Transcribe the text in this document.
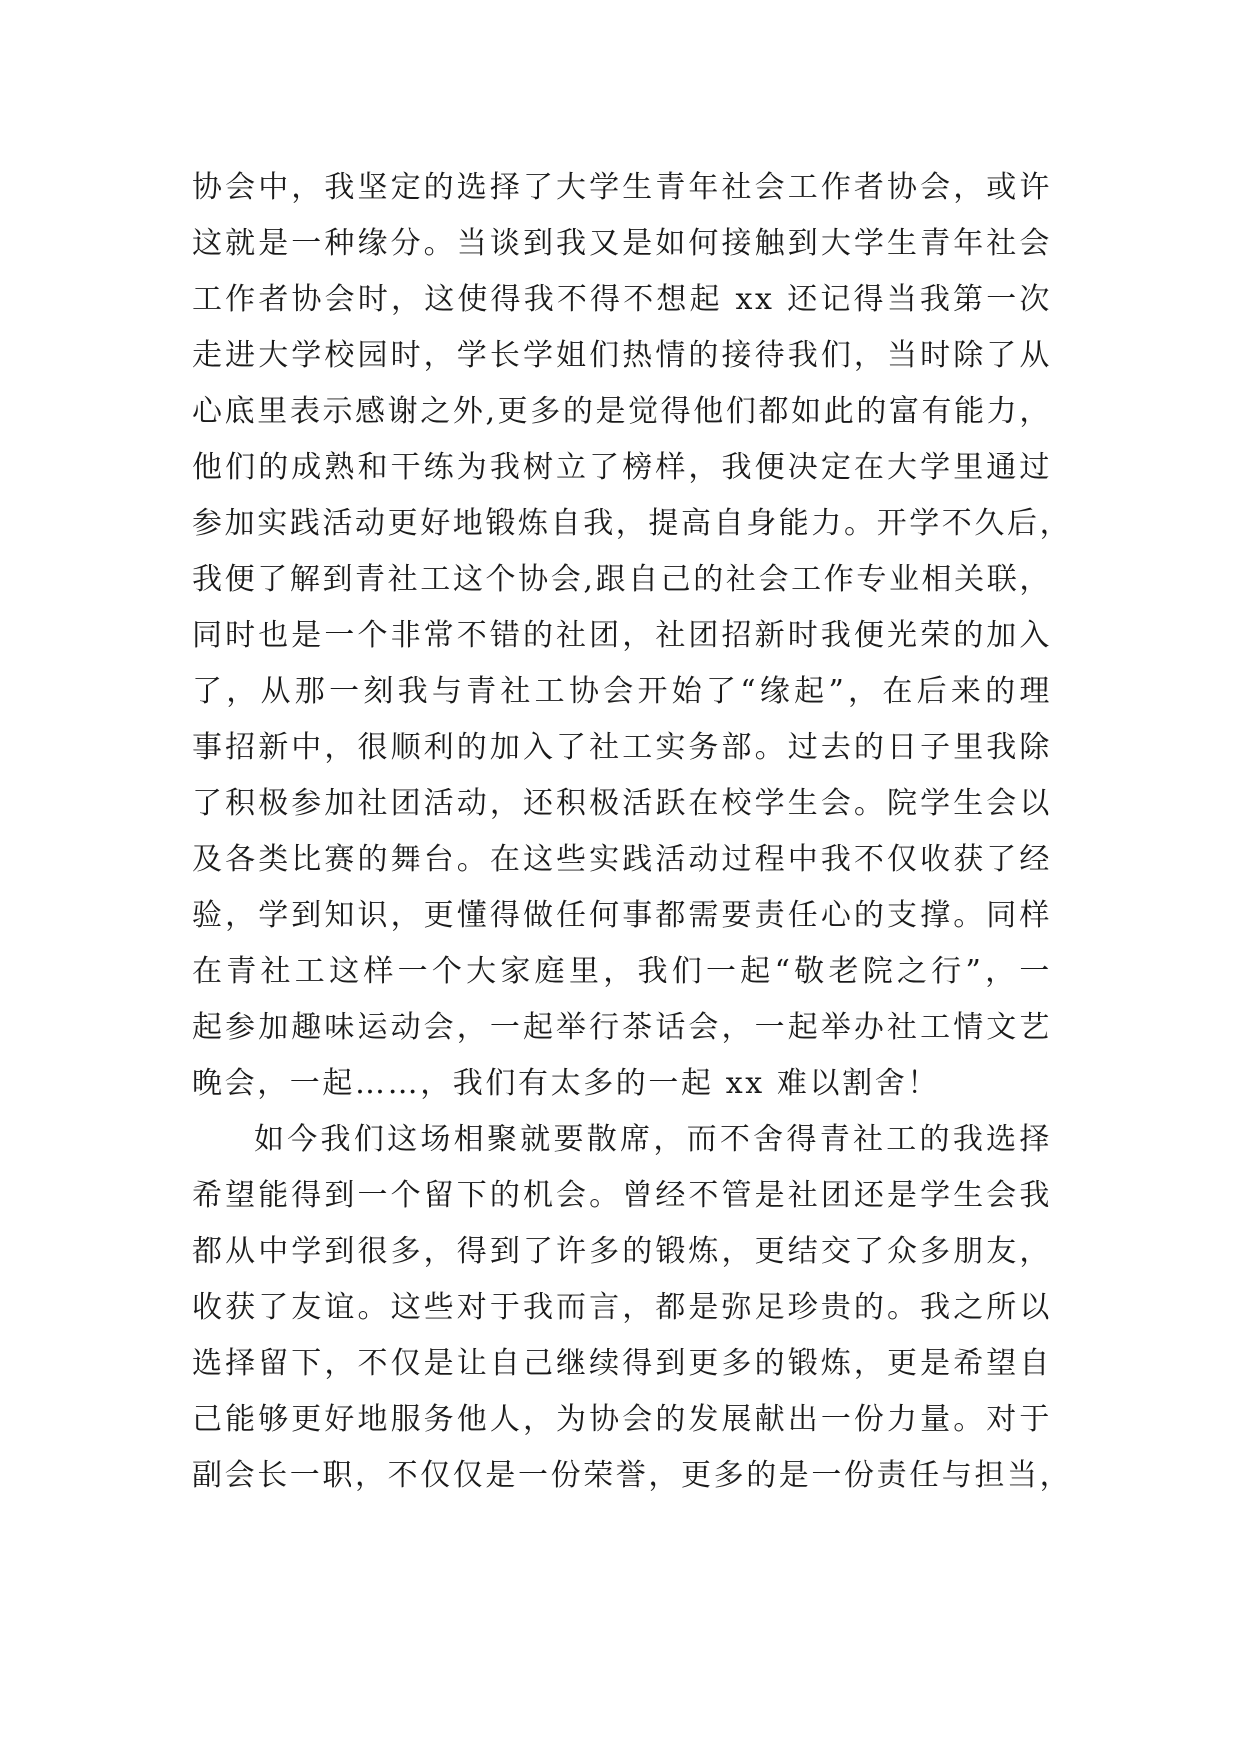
协会中，我坚定的选择了大学生青年社会工作者协会，或许
这就是一种缘分。当谈到我又是如何接触到大学生青年社会
工作者协会时，这使得我不得不想起 xx 还记得当我第一次
走进大学校园时，学长学姐们热情的接待我们，当时除了从
心底里表示感谢之外,更多的是觉得他们都如此的富有能力，
他们的成熟和干练为我树立了榜样，我便决定在大学里通过
参加实践活动更好地锻炼自我，提高自身能力。开学不久后，
我便了解到青社工这个协会,跟自己的社会工作专业相关联，
同时也是一个非常不错的社团，社团招新时我便光荣的加入
了，从那一刻我与青社工协会开始了“缘起”，在后来的理
事招新中，很顺利的加入了社工实务部。过去的日子里我除
了积极参加社团活动，还积极活跃在校学生会。院学生会以
及各类比赛的舞台。在这些实践活动过程中我不仅收获了经
验，学到知识，更懂得做任何事都需要责任心的支撑。同样
在青社工这样一个大家庭里，我们一起“敬老院之行”，一
起参加趣味运动会，一起举行茶话会，一起举办社工情文艺
晚会，一起……，我们有太多的一起 xx 难以割舍！
如今我们这场相聚就要散席，而不舍得青社工的我选择
希望能得到一个留下的机会。曾经不管是社团还是学生会我
都从中学到很多，得到了许多的锻炼，更结交了众多朋友，
收获了友谊。这些对于我而言，都是弥足珍贵的。我之所以
选择留下，不仅是让自己继续得到更多的锻炼，更是希望自
己能够更好地服务他人，为协会的发展献出一份力量。对于
副会长一职，不仅仅是一份荣誉，更多的是一份责任与担当，
